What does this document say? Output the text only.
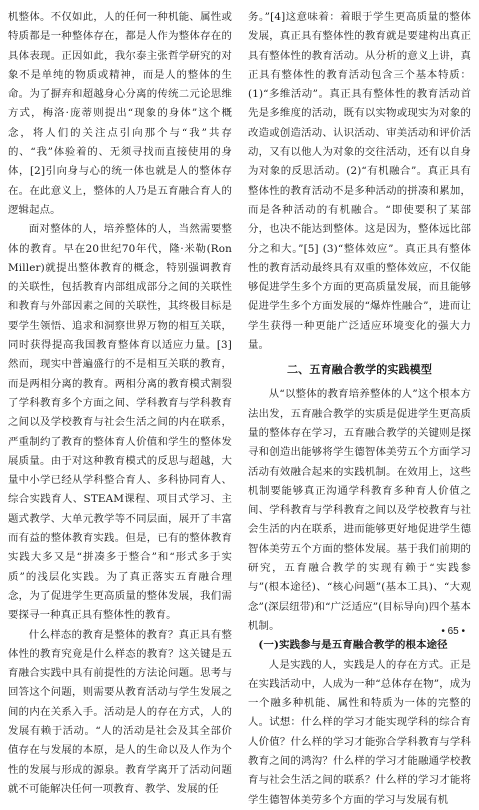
机整体。不仅如此，人的任何一种机能、属性或特质都是一种整体存在，都是人作为整体存在的具体表现。正因如此，我尔泰主张哲学研究的对象不是单纯的物质或精神，而是人的整体的生命。为了摒弃和超越身心分离的传统二元论思维方式，梅洛·庞蒂则提出“现象的身体”这个概念，将人们的关注点引向那个与“我”共存的、“我”体验着的、无须寻找而直接使用的身体，[2]引向身与心的统一体也就是人的整体存在。在此意义上，整体的人乃是五育融合育人的逻辑起点。

面对整体的人，培养整体的人，当然需要整体的教育。早在20世纪70年代，隆·米勒(Ron Miller)就提出整体教育的概念，特别强调教育的关联性，包括教育内部组成部分之间的关联性和教育与外部因素之间的关联性，其终极目标是要学生领悟、追求和洞察世界万物的相互关联，同时获得提高我国教育整体育以适应力量。[3]然而，现实中普遍盛行的不是相互关联的教育，而是两相分离的教育。两相分离的教育模式割裂了学科教育多个方面之间、学科教育与学科教育之间以及学校教育与社会生活之间的内在联系，严重制约了教育的整体育人价值和学生的整体发展质量。由于对这种教育模式的反思与超越，大量中小学已经从学科整合育人、多科协同育人、综合实践育人、STEAM课程、项目式学习、主题式教学、大单元教学等不同层面，展开了丰富而有益的整体教育实践。但是，已有的整体教育实践大多又是“拼凑多于整合”和“形式多于实质”的浅层化实践。为了真正落实五育融合理念，为了促进学生更高质量的整体发展，我们需要探寻一种真正具有整体性的教育。

什么样态的教育是整体的教育？真正具有整体性的教育究竟是什么样态的教育？这关键是五育融合实践中具有前提性的方法论问题。思考与回答这个问题，则需要从教育活动与学生发展之间的内在关系入手。活动是人的存在方式，人的发展有赖于活动。“人的活动是社会及其全部价值存在与发展的本原，是人的生命以及人作为个性的发展与形成的源泉。教育学离开了活动问题就不可能解决任何一项教育、教学、发展的任

务。”[4]这意味着：着眼于学生更高质量的整体发展，真正具有整体性的教育就是要建构出真正具有整体性的教育活动。从分析的意义上讲，真正具有整体性的教育活动包含三个基本特质：(1)“多维活动”。真正具有整体性的教育活动首先是多维度的活动，既有以实物或现实为对象的改造或创造活动、认识活动、审美活动和评价活动，又有以他人为对象的交往活动，还有以自身为对象的反思活动。(2)“有机融合”。真正具有整体性的教育活动不是多种活动的拼凑和累加，而是各种活动的有机融合。“即使要积了某部分，也决不能达到整体。这是因为，整体远比部分之和大。”[5] (3)“整体效应”。真正具有整体性的教育活动最终具有双重的整体效应，不仅能够促进学生多个方面的更高质量发展，而且能够促进学生多个方面发展的“爆炸性融合”，进而让学生获得一种更能广泛适应环境变化的强大力量。

二、五育融合教学的实践模型

从“以整体的教育培养整体的人”这个根本方法出发，五育融合教学的实质是促进学生更高质量的整体存在学习，五育融合教学的关键则是探寻和创造出能够将学生德智体美劳五个方面学习活动有效融合起来的实践机制。在效用上，这些机制要能够真正沟通学科教育多种育人价值之间、学科教育与学科教育之间以及学校教育与社会生活的内在联系，进而能够更好地促进学生德智体美劳五个方面的整体发展。基于我们前期的研究，五育融合教学的实现有赖于“实践参与”(根本途径)、“核心问题”(基本工具)、“大观念”(深层纽带)和“广泛适应”(目标导向)四个基本机制。

(一)实践参与是五育融合教学的根本途径

人是实践的人，实践是人的存在方式。正是在实践活动中，人成为一种“总体存在物”，成为一个融多种机能、属性和特质为一体的完整的人。试想：什么样的学习才能实现学科的综合育人价值？什么样的学习才能弥合学科教育与学科教育之间的鸿沟？什么样的学习才能融通学校教育与社会生活之间的联系？什么样的学习才能将学生德智体美劳多个方面的学习与发展有机

• 65 •
